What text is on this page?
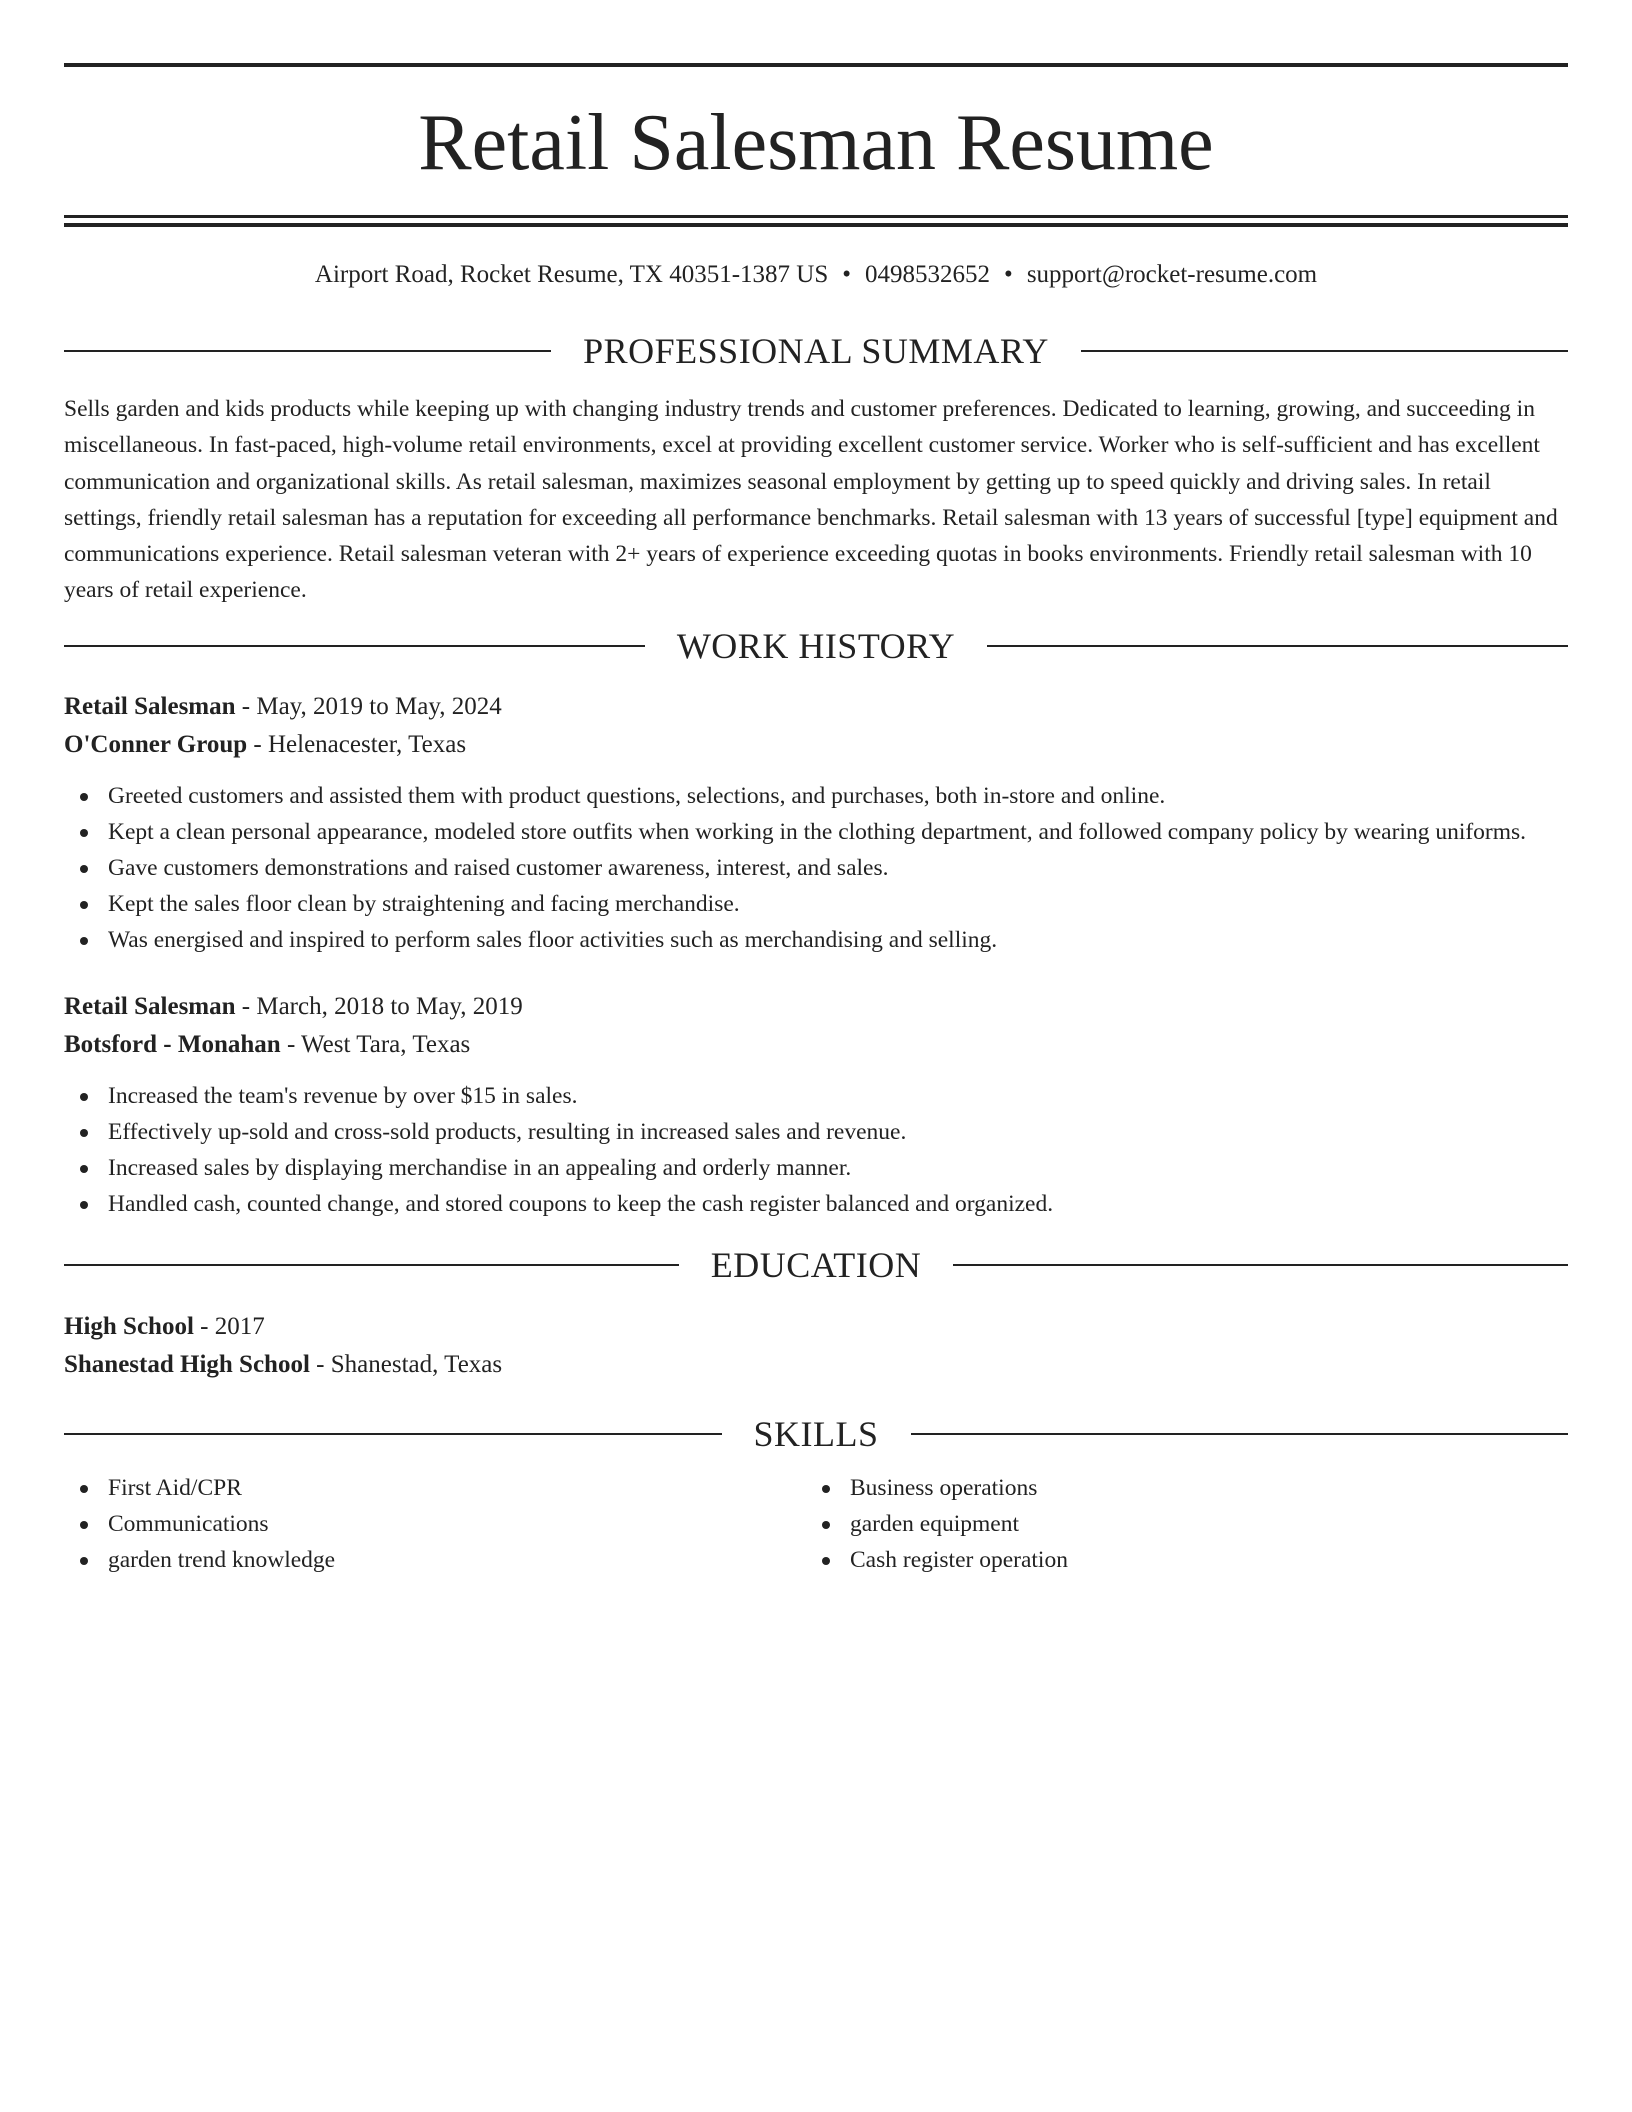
Retail Salesman Resume
Airport Road, Rocket Resume, TX 40351-1387 US • 0498532652 • support@rocket-resume.com
PROFESSIONAL SUMMARY

Sells garden and kids products while keeping up with changing industry trends and customer preferences. Dedicated to learning, growing, and succeeding in miscellaneous. In fast-paced, high-volume retail environments, excel at providing excellent customer service. Worker who is self-sufficient and has excellent communication and organizational skills. As retail salesman, maximizes seasonal employment by getting up to speed quickly and driving sales. In retail settings, friendly retail salesman has a reputation for exceeding all performance benchmarks. Retail salesman with 13 years of successful [type] equipment and communications experience. Retail salesman veteran with 2+ years of experience exceeding quotas in books environments. Friendly retail salesman with 10 years of retail experience.

WORK HISTORY
Retail Salesman - May, 2019 to May, 2024
O'Conner Group - Helenacester, Texas
Greeted customers and assisted them with product questions, selections, and purchases, both in-store and online.
Kept a clean personal appearance, modeled store outfits when working in the clothing department, and followed company policy by wearing uniforms.
Gave customers demonstrations and raised customer awareness, interest, and sales.
Kept the sales floor clean by straightening and facing merchandise.
Was energised and inspired to perform sales floor activities such as merchandising and selling.
Retail Salesman - March, 2018 to May, 2019
Botsford - Monahan - West Tara, Texas
Increased the team's revenue by over $15 in sales.
Effectively up-sold and cross-sold products, resulting in increased sales and revenue.
Increased sales by displaying merchandise in an appealing and orderly manner.
Handled cash, counted change, and stored coupons to keep the cash register balanced and organized.
EDUCATION
High School - 2017
Shanestad High School - Shanestad, Texas
SKILLS
First Aid/CPR
Communications
garden trend knowledge
Business operations
garden equipment
Cash register operation
